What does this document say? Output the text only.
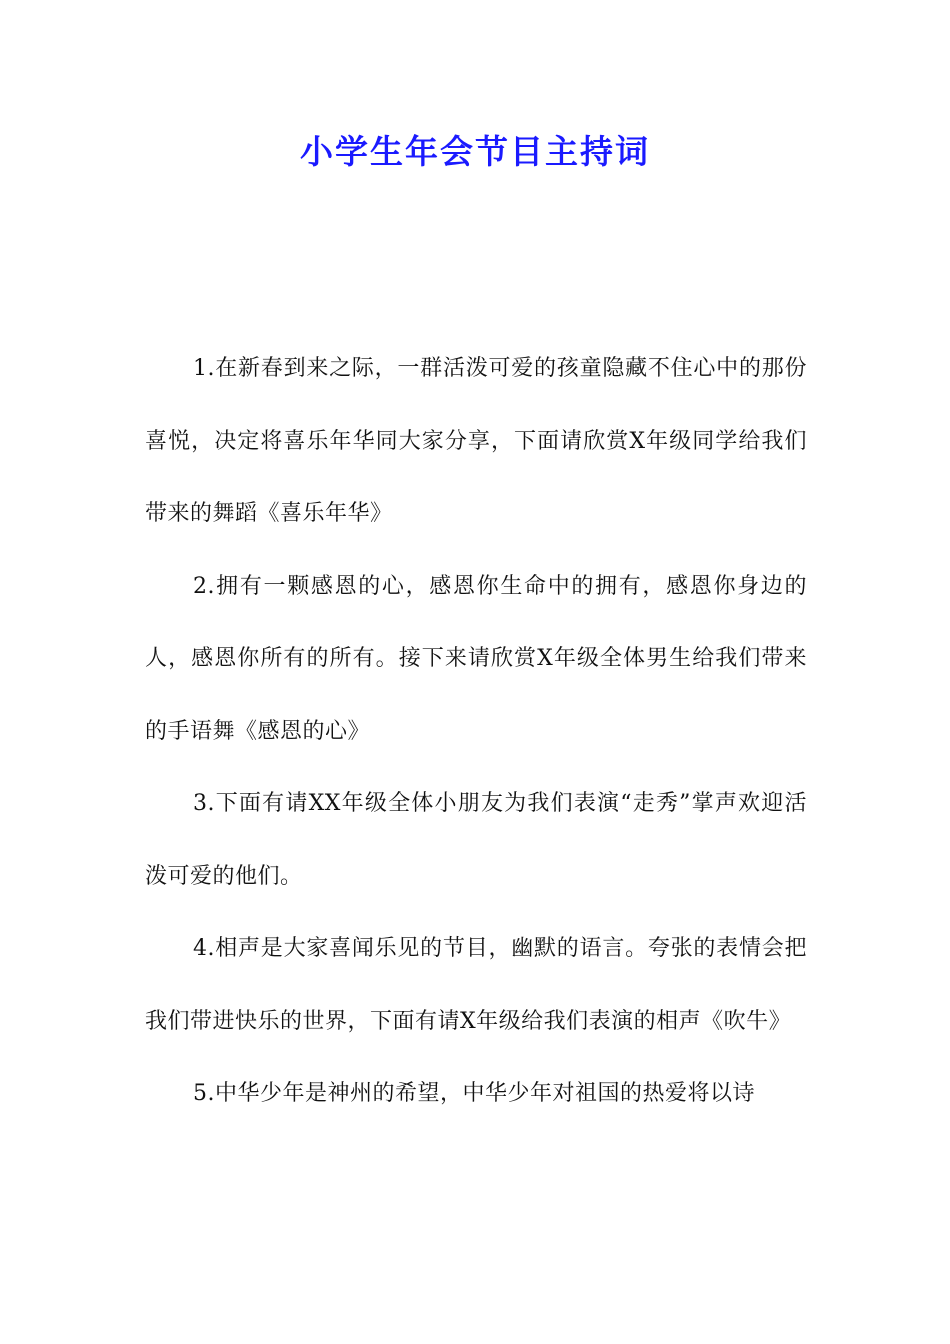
小学生年会节目主持词

1.在新春到来之际，一群活泼可爱的孩童隐藏不住心中的那份喜悦，决定将喜乐年华同大家分享，下面请欣赏X年级同学给我们带来的舞蹈《喜乐年华》

2.拥有一颗感恩的心，感恩你生命中的拥有，感恩你身边的人，感恩你所有的所有。接下来请欣赏X年级全体男生给我们带来的手语舞《感恩的心》

3.下面有请XX年级全体小朋友为我们表演“走秀”掌声欢迎活泼可爱的他们。

4.相声是大家喜闻乐见的节目，幽默的语言。夸张的表情会把我们带进快乐的世界，下面有请X年级给我们表演的相声《吹牛》

5.中华少年是神州的希望，中华少年对祖国的热爱将以诗
